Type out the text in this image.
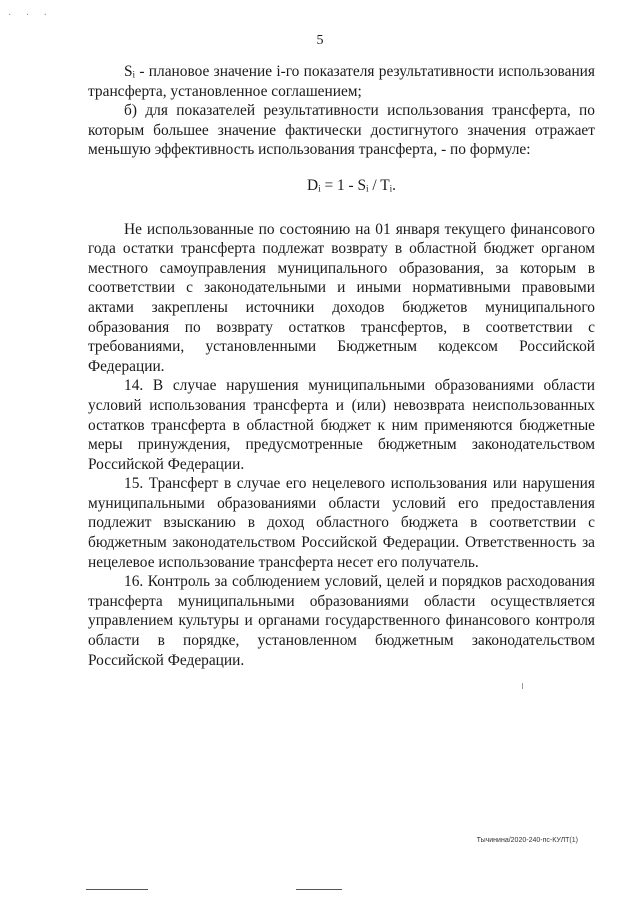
· · ·
5

Sᵢ - плановое значение i-го показателя результативности использования трансферта, установленное соглашением;

б) для показателей результативности использования трансферта, по которым большее значение фактически достигнутого значения отражает меньшую эффективность использования трансферта, - по формуле:

Dᵢ = 1 - Sᵢ / Tᵢ.

Не использованные по состоянию на 01 января текущего финансового года остатки трансферта подлежат возврату в областной бюджет органом местного самоуправления муниципального образования, за которым в соответствии с законодательными и иными нормативными правовыми актами закреплены источники доходов бюджетов муниципального образования по возврату остатков трансфертов, в соответствии с требованиями, установленными Бюджетным кодексом Российской Федерации.

14. В случае нарушения муниципальными образованиями области условий использования трансферта и (или) невозврата неиспользованных остатков трансферта в областной бюджет к ним применяются бюджетные меры принуждения, предусмотренные бюджетным законодательством Российской Федерации.

15. Трансферт в случае его нецелевого использования или нарушения муниципальными образованиями области условий его предоставления подлежит взысканию в доход областного бюджета в соответствии с бюджетным законодательством Российской Федерации. Ответственность за нецелевое использование трансферта несет его получатель.

16. Контроль за соблюдением условий, целей и порядков расходования трансферта муниципальными образованиями области осуществляется управлением культуры и органами государственного финансового контроля области в порядке, установленном бюджетным законодательством Российской Федерации.

Тычинина/2020-240-пс-КУЛТ(1)
